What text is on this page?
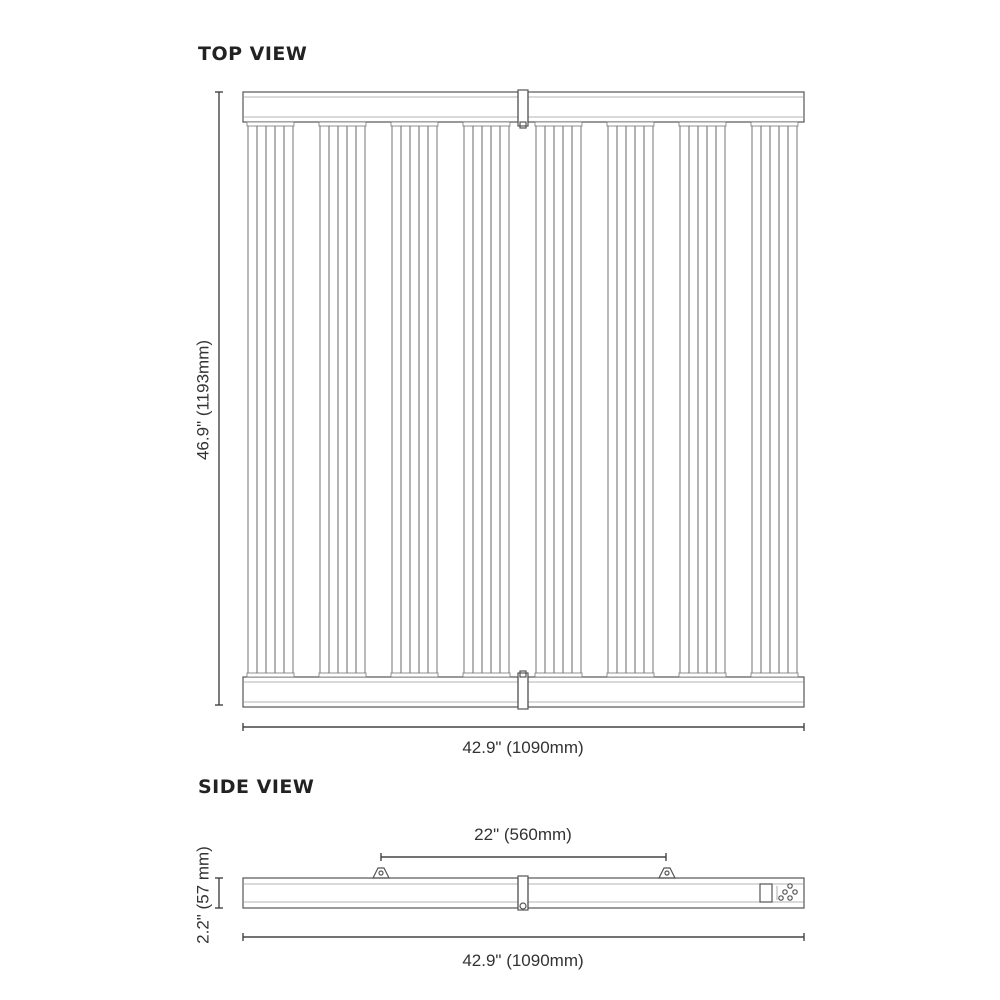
TOP VIEW
SIDE VIEW
42.9" (1090mm)
46.9" (1193mm)
22" (560mm)
42.9" (1090mm)
2.2" (57 mm)
